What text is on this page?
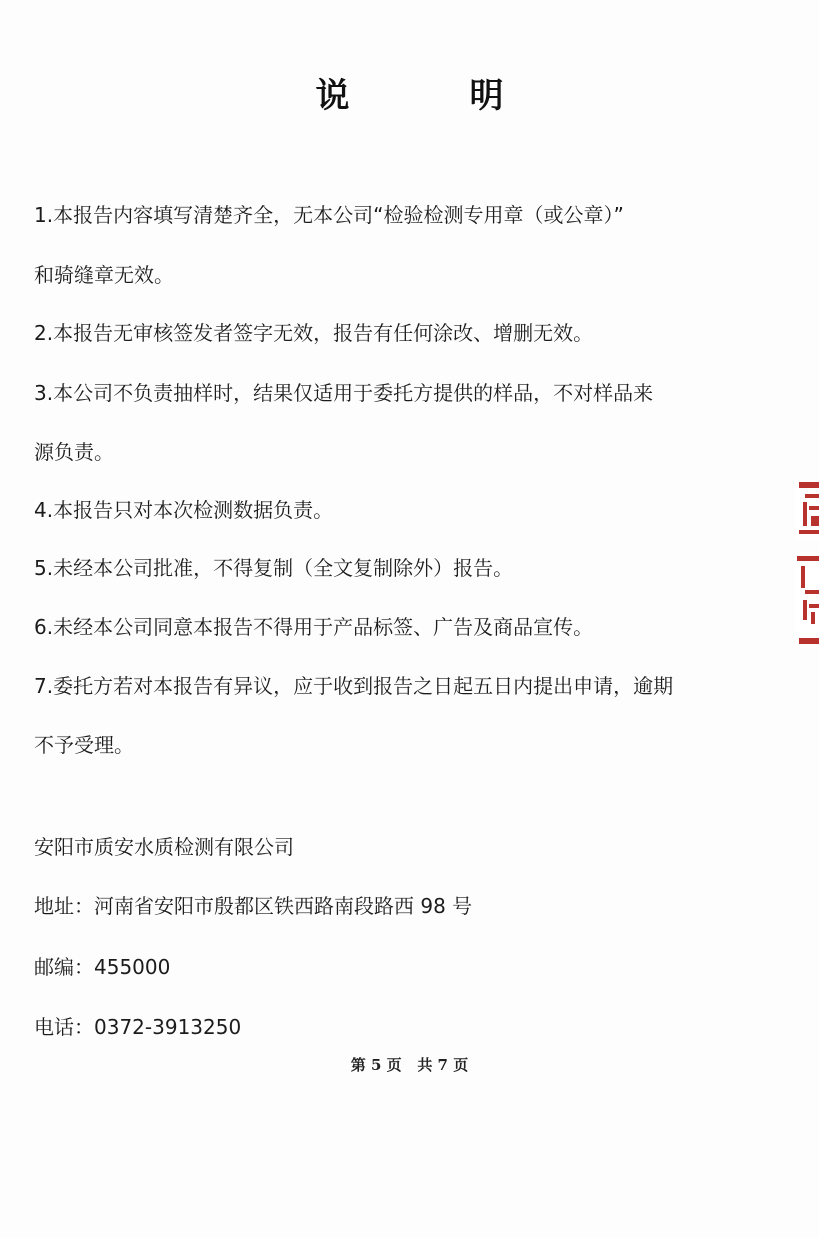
说	明
1.本报告内容填写清楚齐全，无本公司“检验检测专用章（或公章）”
和骑缝章无效。
2.本报告无审核签发者签字无效，报告有任何涂改、增删无效。
3.本公司不负责抽样时，结果仅适用于委托方提供的样品，不对样品来
源负责。
4.本报告只对本次检测数据负责。
5.未经本公司批准，不得复制（全文复制除外）报告。
6.未经本公司同意本报告不得用于产品标签、广告及商品宣传。
7.委托方若对本报告有异议，应于收到报告之日起五日内提出申请，逾期
不予受理。
安阳市质安水质检测有限公司
地址：河南省安阳市殷都区铁西路南段路西 98 号
邮编：455000
电话：0372-3913250
第 5 页   共 7 页
